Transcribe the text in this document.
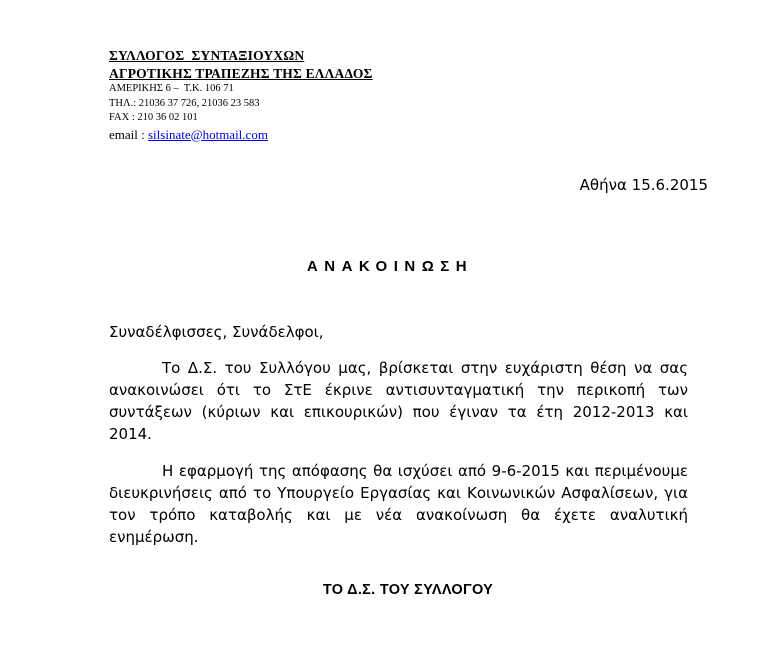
ΣΥΛΛΟΓΟΣ  ΣΥΝΤΑΞΙΟΥΧΩΝ
ΑΓΡΟΤΙΚΗΣ ΤΡΑΠΕΖΗΣ ΤΗΣ ΕΛΛΑΔΟΣ
ΑΜΕΡΙΚΗΣ 6 –  Τ.Κ. 106 71
ΤΗΛ.: 21036 37 726, 21036 23 583
FAX : 210 36 02 101
email : silsinate@hotmail.com
Αθήνα 15.6.2015
ΑΝΑΚΟΙΝΩΣΗ
Συναδέλφισσες, Συνάδελφοι,
Το Δ.Σ. του Συλλόγου μας, βρίσκεται στην ευχάριστη θέση να σας ανακοινώσει ότι το ΣτΕ έκρινε αντισυνταγματική την περικοπή των συντάξεων (κύριων και επικουρικών) που έγιναν τα έτη 2012-2013 και 2014.
Η εφαρμογή της απόφασης θα ισχύσει από 9-6-2015 και περιμένουμε διευκρινήσεις από το Υπουργείο Εργασίας και Κοινωνικών Ασφαλίσεων, για τον τρόπο καταβολής και με νέα ανακοίνωση θα έχετε αναλυτική ενημέρωση.
ΤΟ Δ.Σ. ΤΟΥ ΣΥΛΛΟΓΟΥ
